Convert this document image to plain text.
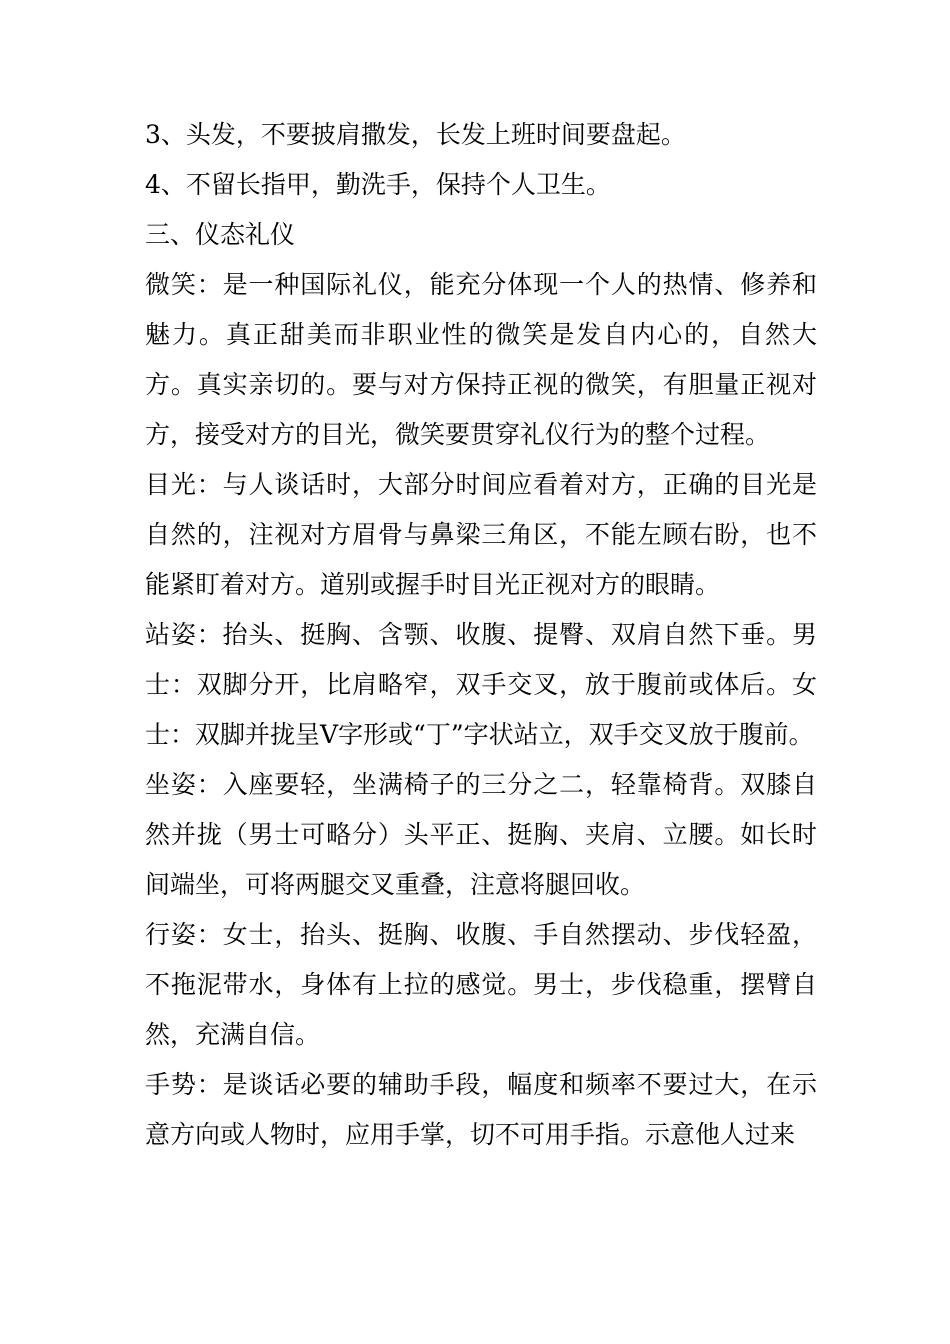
3、头发，不要披肩撒发，长发上班时间要盘起。

4、不留长指甲，勤洗手，保持个人卫生。

三、仪态礼仪

微笑：是一种国际礼仪，能充分体现一个人的热情、修养和魅力。真正甜美而非职业性的微笑是发自内心的，自然大方。真实亲切的。要与对方保持正视的微笑，有胆量正视对方，接受对方的目光，微笑要贯穿礼仪行为的整个过程。

目光：与人谈话时，大部分时间应看着对方，正确的目光是自然的，注视对方眉骨与鼻梁三角区，不能左顾右盼，也不能紧盯着对方。道别或握手时目光正视对方的眼睛。

站姿：抬头、挺胸、含颚、收腹、提臀、双肩自然下垂。男士：双脚分开，比肩略窄，双手交叉，放于腹前或体后。女士：双脚并拢呈V字形或“丁”字状站立，双手交叉放于腹前。

坐姿：入座要轻，坐满椅子的三分之二，轻靠椅背。双膝自然并拢（男士可略分）头平正、挺胸、夹肩、立腰。如长时间端坐，可将两腿交叉重叠，注意将腿回收。

行姿：女士，抬头、挺胸、收腹、手自然摆动、步伐轻盈，不拖泥带水，身体有上拉的感觉。男士，步伐稳重，摆臂自然，充满自信。

手势：是谈话必要的辅助手段，幅度和频率不要过大，在示意方向或人物时，应用手掌，切不可用手指。示意他人过来
